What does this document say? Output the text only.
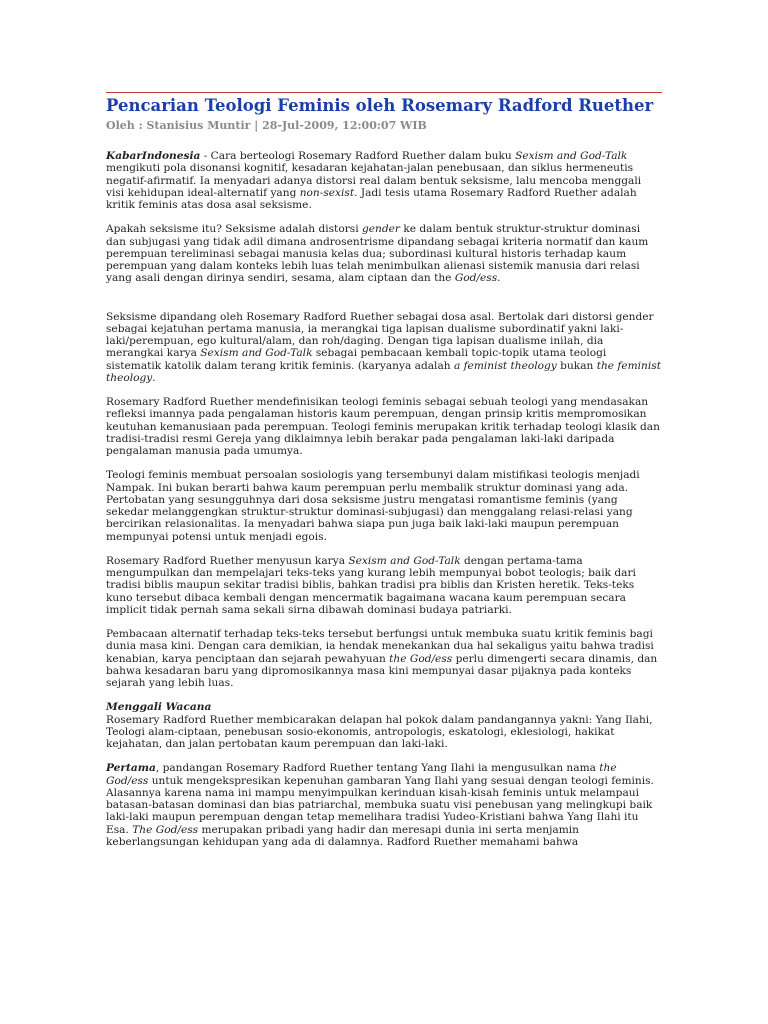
Pencarian Teologi Feminis oleh Rosemary Radford Ruether
Oleh : Stanisius Muntir | 28-Jul-2009, 12:00:07 WIB

KabarIndonesia - Cara berteologi Rosemary Radford Ruether dalam buku Sexism and God-Talk mengikuti pola disonansi kognitif, kesadaran kejahatan-jalan penebusaan, dan siklus hermeneutis negatif-afirmatif. Ia menyadari adanya distorsi real dalam bentuk seksisme, lalu mencoba menggali visi kehidupan ideal-alternatif yang non-sexist. Jadi tesis utama Rosemary Radford Ruether adalah kritik feminis atas dosa asal seksisme.

Apakah seksisme itu? Seksisme adalah distorsi gender ke dalam bentuk struktur-struktur dominasi dan subjugasi yang tidak adil dimana androsentrisme dipandang sebagai kriteria normatif dan kaum perempuan tereliminasi sebagai manusia kelas dua; subordinasi kultural historis terhadap kaum perempuan yang dalam konteks lebih luas telah menimbulkan alienasi sistemik manusia dari relasi yang asali dengan dirinya sendiri, sesama, alam ciptaan dan the God/ess.

Seksisme dipandang oleh Rosemary Radford Ruether sebagai dosa asal. Bertolak dari distorsi gender sebagai kejatuhan pertama manusia, ia merangkai tiga lapisan dualisme subordinatif yakni laki-laki/perempuan, ego kultural/alam, dan roh/daging. Dengan tiga lapisan dualisme inilah, dia merangkai karya Sexism and God-Talk sebagai pembacaan kembali topic-topik utama teologi sistematik katolik dalam terang kritik feminis. (karyanya adalah a feminist theology bukan the feminist theology.

Rosemary Radford Ruether mendefinisikan teologi feminis sebagai sebuah teologi yang mendasakan refleksi imannya pada pengalaman historis kaum perempuan, dengan prinsip kritis mempromosikan keutuhan kemanusiaan pada perempuan. Teologi feminis merupakan kritik terhadap teologi klasik dan tradisi-tradisi resmi Gereja yang diklaimnya lebih berakar pada pengalaman laki-laki daripada pengalaman manusia pada umumya.

Teologi feminis membuat persoalan sosiologis yang tersembunyi dalam mistifikasi teologis menjadi Nampak. Ini bukan berarti bahwa kaum perempuan perlu membalik struktur dominasi yang ada. Pertobatan yang sesungguhnya dari dosa seksisme justru mengatasi romantisme feminis (yang sekedar melanggengkan struktur-struktur dominasi-subjugasi) dan menggalang relasi-relasi yang bercirikan relasionalitas. Ia menyadari bahwa siapa pun juga baik laki-laki maupun perempuan mempunyai potensi untuk menjadi egois.

Rosemary Radford Ruether menyusun karya Sexism and God-Talk dengan pertama-tama mengumpulkan dan mempelajari teks-teks yang kurang lebih mempunyai bobot teologis; baik dari tradisi biblis maupun sekitar tradisi biblis, bahkan tradisi pra biblis dan Kristen heretik. Teks-teks kuno tersebut dibaca kembali dengan mencermatik bagaimana wacana kaum perempuan secara implicit tidak pernah sama sekali sirna dibawah dominasi budaya patriarki.

Pembacaan alternatif terhadap teks-teks tersebut berfungsi untuk membuka suatu kritik feminis bagi dunia masa kini. Dengan cara demikian, ia hendak menekankan dua hal sekaligus yaitu bahwa tradisi kenabian, karya penciptaan dan sejarah pewahyuan the God/ess perlu dimengerti secara dinamis, dan bahwa kesadaran baru yang dipromosikannya masa kini mempunyai dasar pijaknya pada konteks sejarah yang lebih luas.

Menggali Wacana
Rosemary Radford Ruether membicarakan delapan hal pokok dalam pandangannya yakni: Yang Ilahi, Teologi alam-ciptaan, penebusan sosio-ekonomis, antropologis, eskatologi, eklesiologi, hakikat kejahatan, dan jalan pertobatan kaum perempuan dan laki-laki.

Pertama, pandangan Rosemary Radford Ruether tentang Yang Ilahi ia mengusulkan nama the God/ess untuk mengekspresikan kepenuhan gambaran Yang Ilahi yang sesuai dengan teologi feminis. Alasannya karena nama ini mampu menyimpulkan kerinduan kisah-kisah feminis untuk melampaui batasan-batasan dominasi dan bias patriarchal, membuka suatu visi penebusan yang melingkupi baik laki-laki maupun perempuan dengan tetap memelihara tradisi Yudeo-Kristiani bahwa Yang Ilahi itu Esa. The God/ess merupakan pribadi yang hadir dan meresapi dunia ini serta menjamin keberlangsungan kehidupan yang ada di dalamnya. Radford Ruether memahami bahwa
